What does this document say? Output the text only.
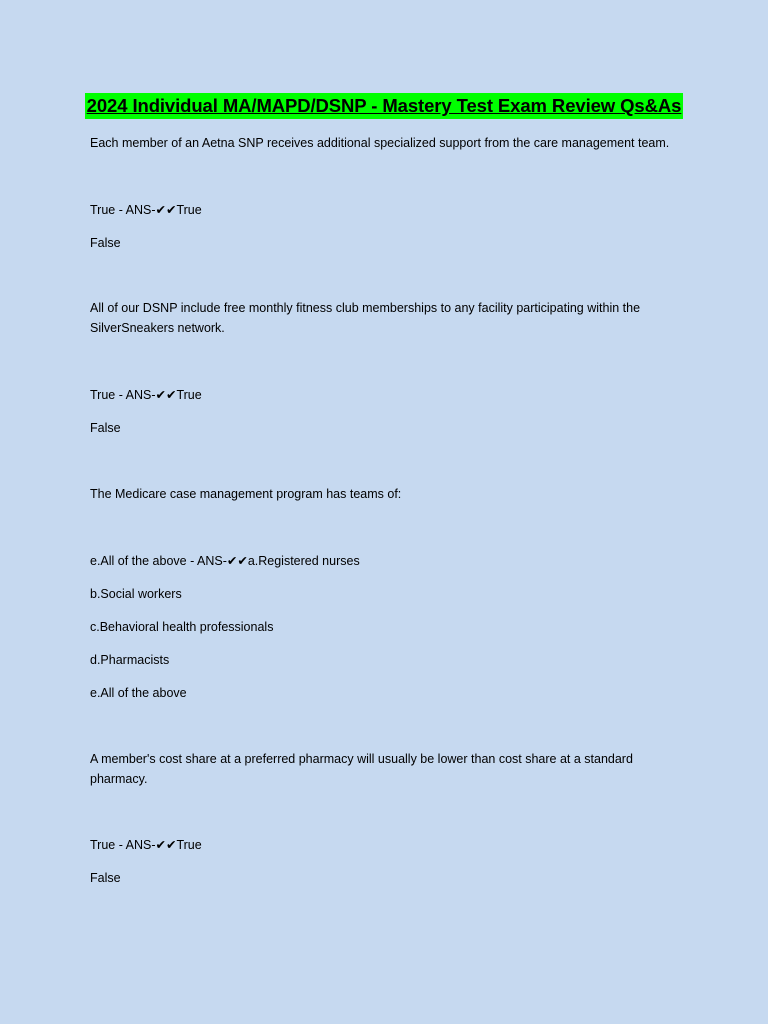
2024 Individual MA/MAPD/DSNP - Mastery Test Exam Review Qs&As
Each member of an Aetna SNP receives additional specialized support from the care management team.
True - ANS-✔✔True
False
All of our DSNP include free monthly fitness club memberships to any facility participating within the SilverSneakers network.
True - ANS-✔✔True
False
The Medicare case management program has teams of:
e.All of the above - ANS-✔✔a.Registered nurses
b.Social workers
c.Behavioral health professionals
d.Pharmacists
e.All of the above
A member's cost share at a preferred pharmacy will usually be lower than cost share at a standard pharmacy.
True - ANS-✔✔True
False
